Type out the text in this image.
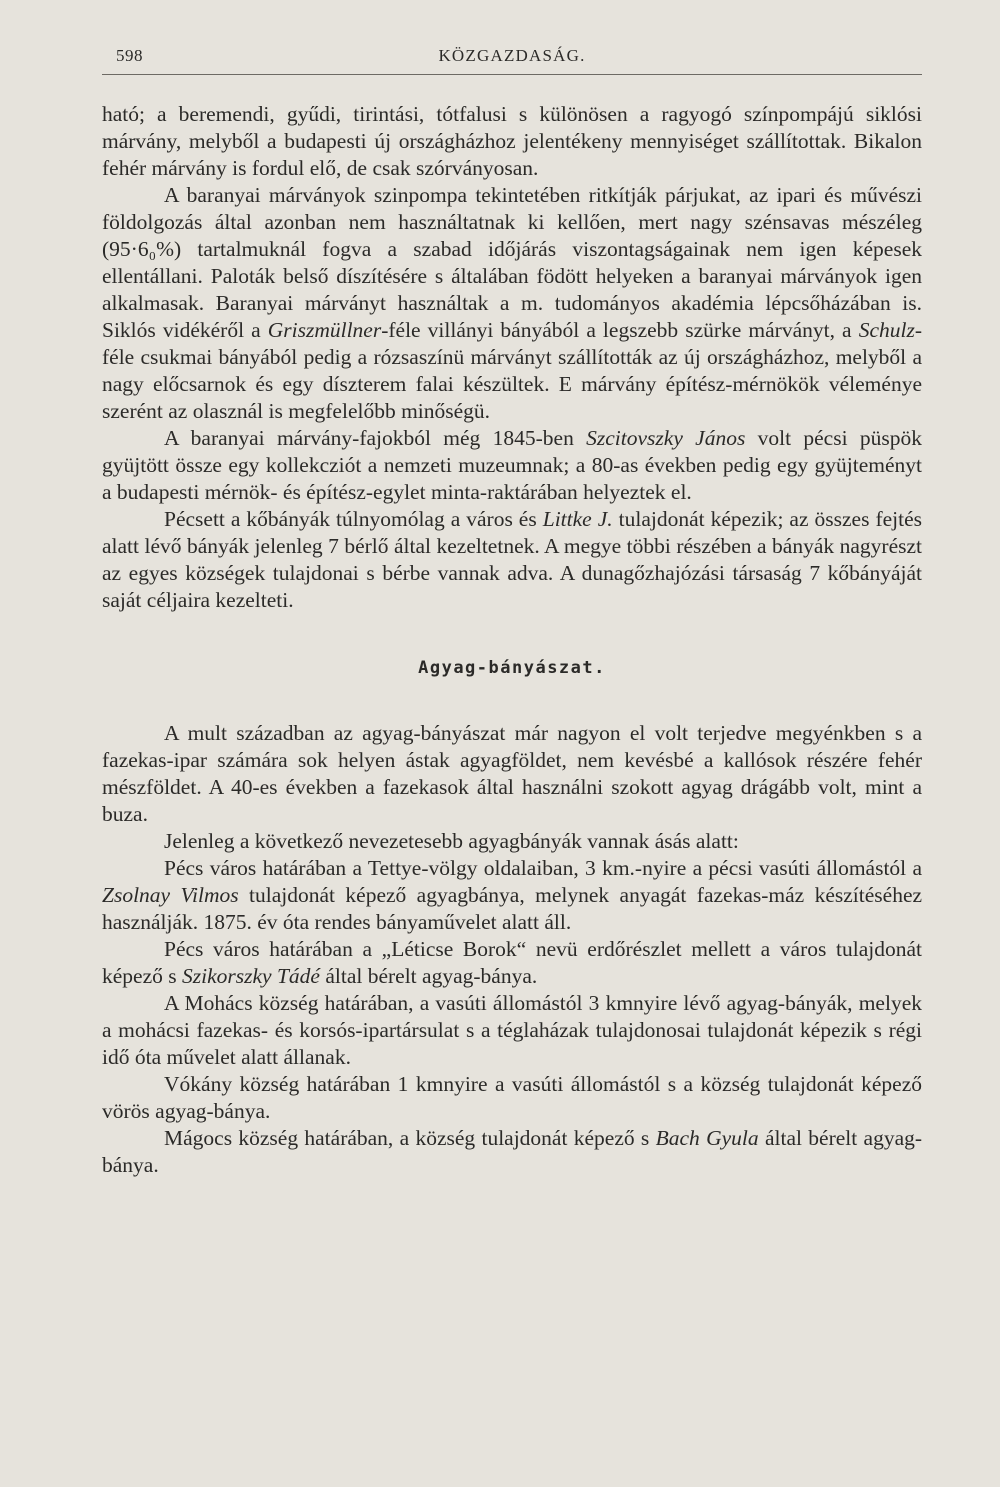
598	KÖZGAZDASÁG.

ható; a beremendi, gyűdi, tirintási, tótfalusi s különösen a ragyogó színpompájú siklósi márvány, melyből a budapesti új országházhoz jelentékeny mennyiséget szállítottak. Bikalon fehér márvány is fordul elő, de csak szórványosan.

A baranyai márványok szinpompa tekintetében ritkítják párjukat, az ipari és művészi földolgozás által azonban nem használtatnak ki kellően, mert nagy szénsavas mészéleg (95·6₀%) tartalmuknál fogva a szabad időjárás viszontagságainak nem igen képesek ellentállani. Paloták belső díszítésére s általában födött helyeken a baranyai márványok igen alkalmasak. Baranyai márványt használtak a m. tudományos akadémia lépcsőházában is. Siklós vidékéről a Griszmüllner-féle villányi bányából a legszebb szürke márványt, a Schulz-féle csukmai bányából pedig a rózsaszínü márványt szállították az új országházhoz, melyből a nagy előcsarnok és egy díszterem falai készültek. E márvány építész-mérnökök véleménye szerént az olasznál is megfelelőbb minőségü.

A baranyai márvány-fajokból még 1845-ben Szcitovszky János volt pécsi püspök gyüjtött össze egy kollekcziót a nemzeti muzeumnak; a 80-as években pedig egy gyüjteményt a budapesti mérnök- és építész-egylet minta-raktárában helyeztek el.

Pécsett a kőbányák túlnyomólag a város és Littke J. tulajdonát képezik; az összes fejtés alatt lévő bányák jelenleg 7 bérlő által kezeltetnek. A megye többi részében a bányák nagyrészt az egyes községek tulajdonai s bérbe vannak adva. A dunagőzhajózási társaság 7 kőbányáját saját céljaira kezelteti.

Agyag-bányászat.

A mult században az agyag-bányászat már nagyon el volt terjedve megyénkben s a fazekas-ipar számára sok helyen ástak agyagföldet, nem kevésbé a kallósok részére fehér mészföldet. A 40-es években a fazekasok által használni szokott agyag drágább volt, mint a buza.

Jelenleg a következő nevezetesebb agyagbányák vannak ásás alatt:

Pécs város határában a Tettye-völgy oldalaiban, 3 km.-nyire a pécsi vasúti állomástól a Zsolnay Vilmos tulajdonát képező agyagbánya, melynek anyagát fazekas-máz készítéséhez használják. 1875. év óta rendes bányaművelet alatt áll.

Pécs város határában a „Léticse Borok“ nevü erdőrészlet mellett a város tulajdonát képező s Szikorszky Tádé által bérelt agyag-bánya.

A Mohács község határában, a vasúti állomástól 3 kmnyire lévő agyag-bányák, melyek a mohácsi fazekas- és korsós-ipartársulat s a téglaházak tulajdonosai tulajdonát képezik s régi idő óta művelet alatt állanak.

Vókány község határában 1 kmnyire a vasúti állomástól s a község tulajdonát képező vörös agyag-bánya.

Mágocs község határában, a község tulajdonát képező s Bach Gyula által bérelt agyag-bánya.
